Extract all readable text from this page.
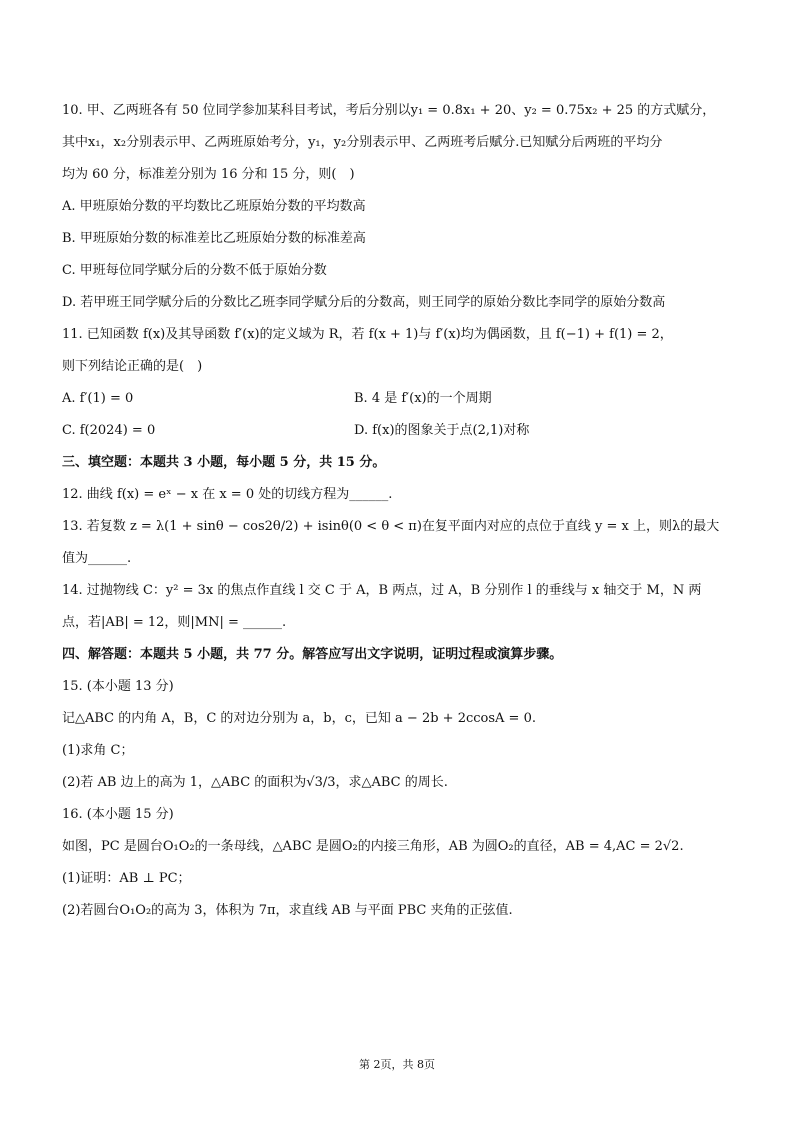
10. 甲、乙两班各有 50 位同学参加某科目考试，考后分别以y₁ = 0.8x₁ + 20、y₂ = 0.75x₂ + 25 的方式赋分，

其中x₁，x₂分别表示甲、乙两班原始考分，y₁，y₂分别表示甲、乙两班考后赋分.已知赋分后两班的平均分

均为 60 分，标准差分别为 16 分和 15 分，则(　)

A. 甲班原始分数的平均数比乙班原始分数的平均数高

B. 甲班原始分数的标准差比乙班原始分数的标准差高

C. 甲班每位同学赋分后的分数不低于原始分数

D. 若甲班王同学赋分后的分数比乙班李同学赋分后的分数高，则王同学的原始分数比李同学的原始分数高

11. 已知函数 f(x)及其导函数 f′(x)的定义域为 R，若 f(x + 1)与 f′(x)均为偶函数，且 f(−1) + f(1) = 2，

则下列结论正确的是(　)

A. f′(1) = 0	B. 4 是 f′(x)的一个周期

C. f(2024) = 0	D. f(x)的图象关于点(2,1)对称

三、填空题：本题共 3 小题，每小题 5 分，共 15 分。

12. 曲线 f(x) = eˣ − x 在 x = 0 处的切线方程为______.

13. 若复数 z = λ(1 + sinθ − cos2θ/2) + isinθ(0 < θ < π)在复平面内对应的点位于直线 y = x 上，则λ的最大

值为______.

14. 过抛物线 C：y² = 3x 的焦点作直线 l 交 C 于 A，B 两点，过 A，B 分别作 l 的垂线与 x 轴交于 M，N 两

点，若|AB| = 12，则|MN| = ______.

四、解答题：本题共 5 小题，共 77 分。解答应写出文字说明，证明过程或演算步骤。

15. (本小题 13 分)

记△ABC 的内角 A，B，C 的对边分别为 a，b，c，已知 a − 2b + 2ccosA = 0.

(1)求角 C；

(2)若 AB 边上的高为 1，△ABC 的面积为√3/3，求△ABC 的周长.

16. (本小题 15 分)

如图，PC 是圆台O₁O₂的一条母线，△ABC 是圆O₂的内接三角形，AB 为圆O₂的直径，AB = 4,AC = 2√2.

(1)证明：AB ⊥ PC；

(2)若圆台O₁O₂的高为 3，体积为 7π，求直线 AB 与平面 PBC 夹角的正弦值.

第 2页，共 8页
